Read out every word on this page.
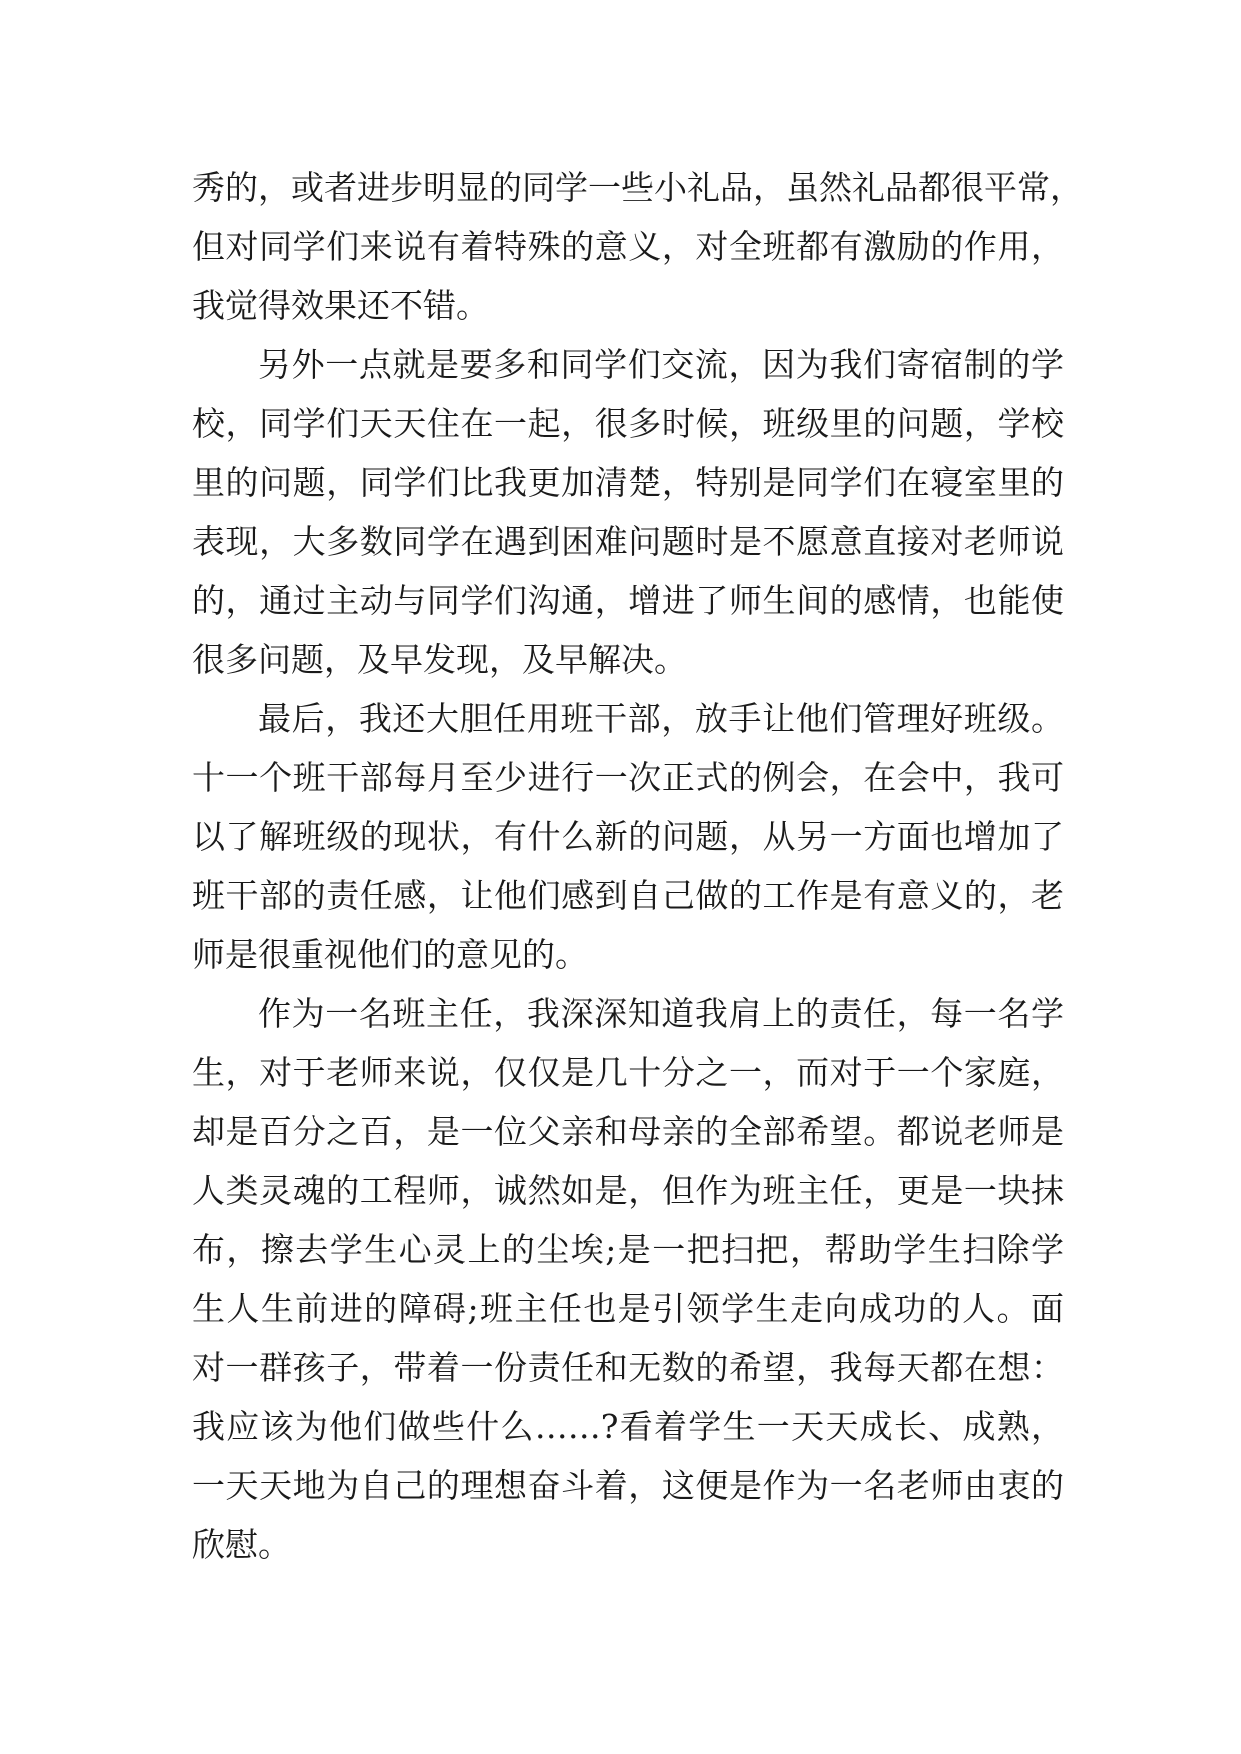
秀的，或者进步明显的同学一些小礼品，虽然礼品都很平常，
但对同学们来说有着特殊的意义，对全班都有激励的作用，
我觉得效果还不错。
另外一点就是要多和同学们交流，因为我们寄宿制的学
校，同学们天天住在一起，很多时候，班级里的问题，学校
里的问题，同学们比我更加清楚，特别是同学们在寝室里的
表现，大多数同学在遇到困难问题时是不愿意直接对老师说
的，通过主动与同学们沟通，增进了师生间的感情，也能使
很多问题，及早发现，及早解决。
最后，我还大胆任用班干部，放手让他们管理好班级。
十一个班干部每月至少进行一次正式的例会，在会中，我可
以了解班级的现状，有什么新的问题，从另一方面也增加了
班干部的责任感，让他们感到自己做的工作是有意义的，老
师是很重视他们的意见的。
作为一名班主任，我深深知道我肩上的责任，每一名学
生，对于老师来说，仅仅是几十分之一，而对于一个家庭，
却是百分之百，是一位父亲和母亲的全部希望。都说老师是
人类灵魂的工程师，诚然如是，但作为班主任，更是一块抹
布，擦去学生心灵上的尘埃;是一把扫把，帮助学生扫除学
生人生前进的障碍;班主任也是引领学生走向成功的人。面
对一群孩子，带着一份责任和无数的希望，我每天都在想：
我应该为他们做些什么……?看着学生一天天成长、成熟，
一天天地为自己的理想奋斗着，这便是作为一名老师由衷的
欣慰。
